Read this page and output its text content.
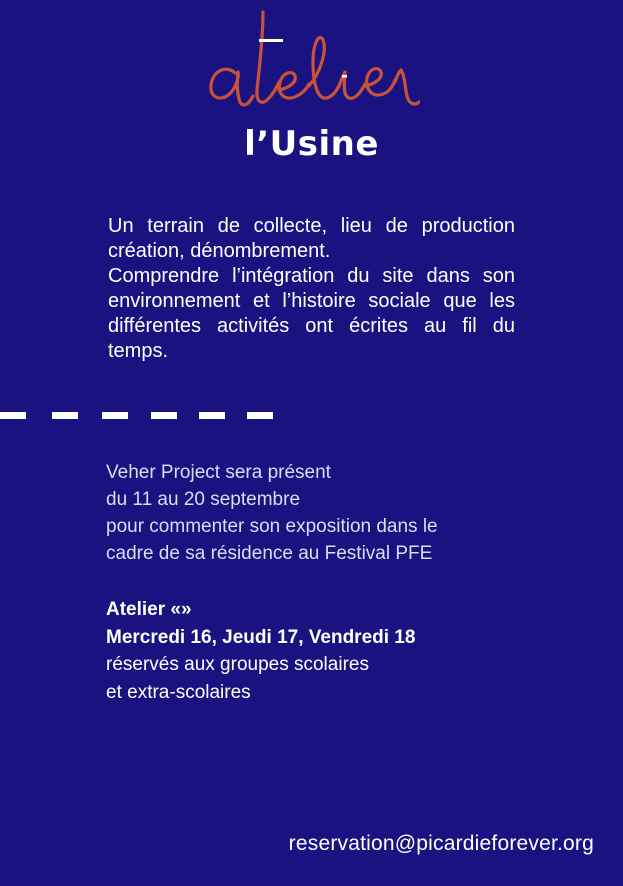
l’Usine

Un terrain de collecte, lieu de production création, dénombrement.

Comprendre l’intégration du site dans son environnement et l’histoire sociale que les différentes activités ont écrites au fil du temps.

Veher Project sera présent
du 11 au 20 septembre
pour commenter son exposition dans le
cadre de sa résidence au Festival PFE
Atelier «»
Mercredi 16, Jeudi 17, Vendredi 18
réservés aux groupes scolaires
et extra-scolaires
reservation@picardieforever.org
